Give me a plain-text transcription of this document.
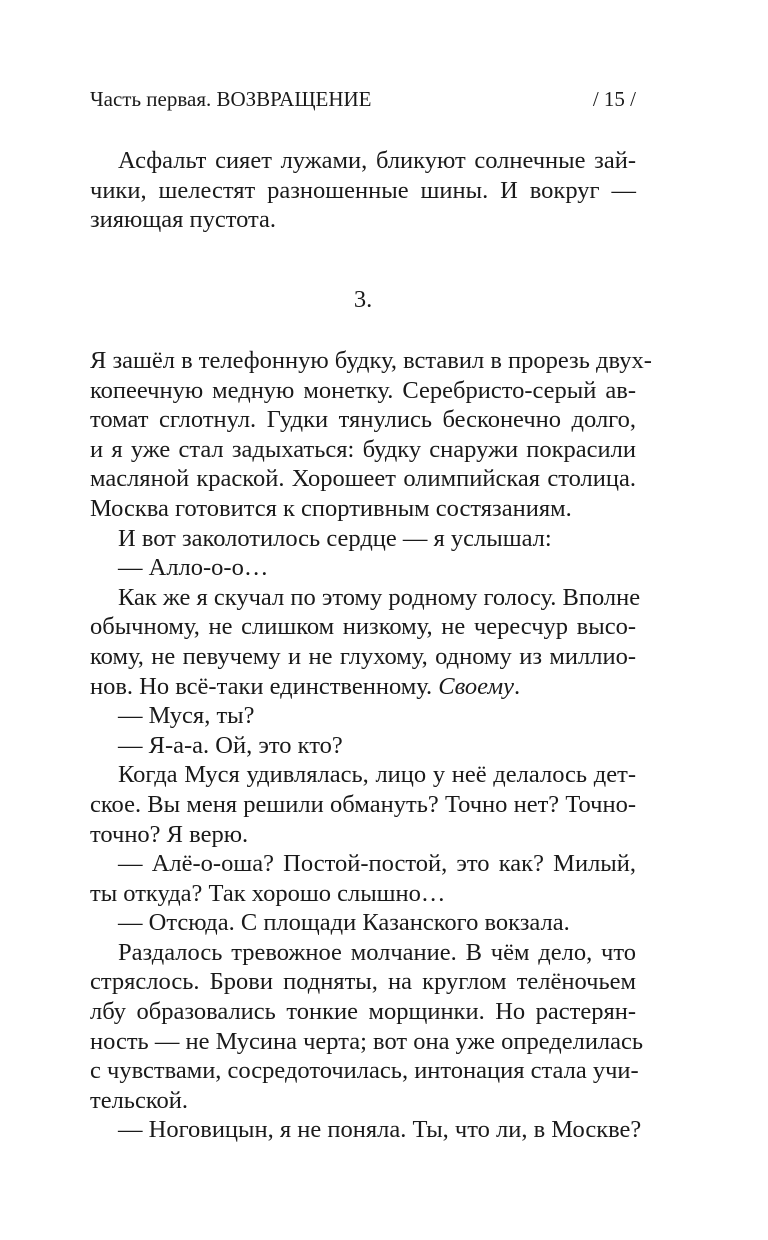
Часть первая. ВОЗВРАЩЕНИЕ	/ 15 /

Асфальт сияет лужами, бликуют солнечные зай-
чики, шелестят разношенные шины. И вокруг —
зияющая пустота.

3.

Я зашёл в телефонную будку, вставил в прорезь двух-
копеечную медную монетку. Серебристо-серый ав-
томат сглотнул. Гудки тянулись бесконечно долго,
и я уже стал задыхаться: будку снаружи покрасили
масляной краской. Хорошеет олимпийская столица.
Москва готовится к спортивным состязаниям.

И вот заколотилось сердце — я услышал:

— Алло-о-о…

Как же я скучал по этому родному голосу. Вполне
обычному, не слишком низкому, не чересчур высо-
кому, не певучему и не глухому, одному из миллио-
нов. Но всё-таки единственному. Своему.

— Муся, ты?

— Я-а-а. Ой, это кто?

Когда Муся удивлялась, лицо у неё делалось дет-
ское. Вы меня решили обмануть? Точно нет? Точно-
точно? Я верю.

— Алё-о-оша? Постой-постой, это как? Милый,
ты откуда? Так хорошо слышно…

— Отсюда. С площади Казанского вокзала.

Раздалось тревожное молчание. В чём дело, что
стряслось. Брови подняты, на круглом телёночьем
лбу образовались тонкие морщинки. Но растерян-
ность — не Мусина черта; вот она уже определилась
с чувствами, сосредоточилась, интонация стала учи-
тельской.

— Ноговицын, я не поняла. Ты, что ли, в Москве?
